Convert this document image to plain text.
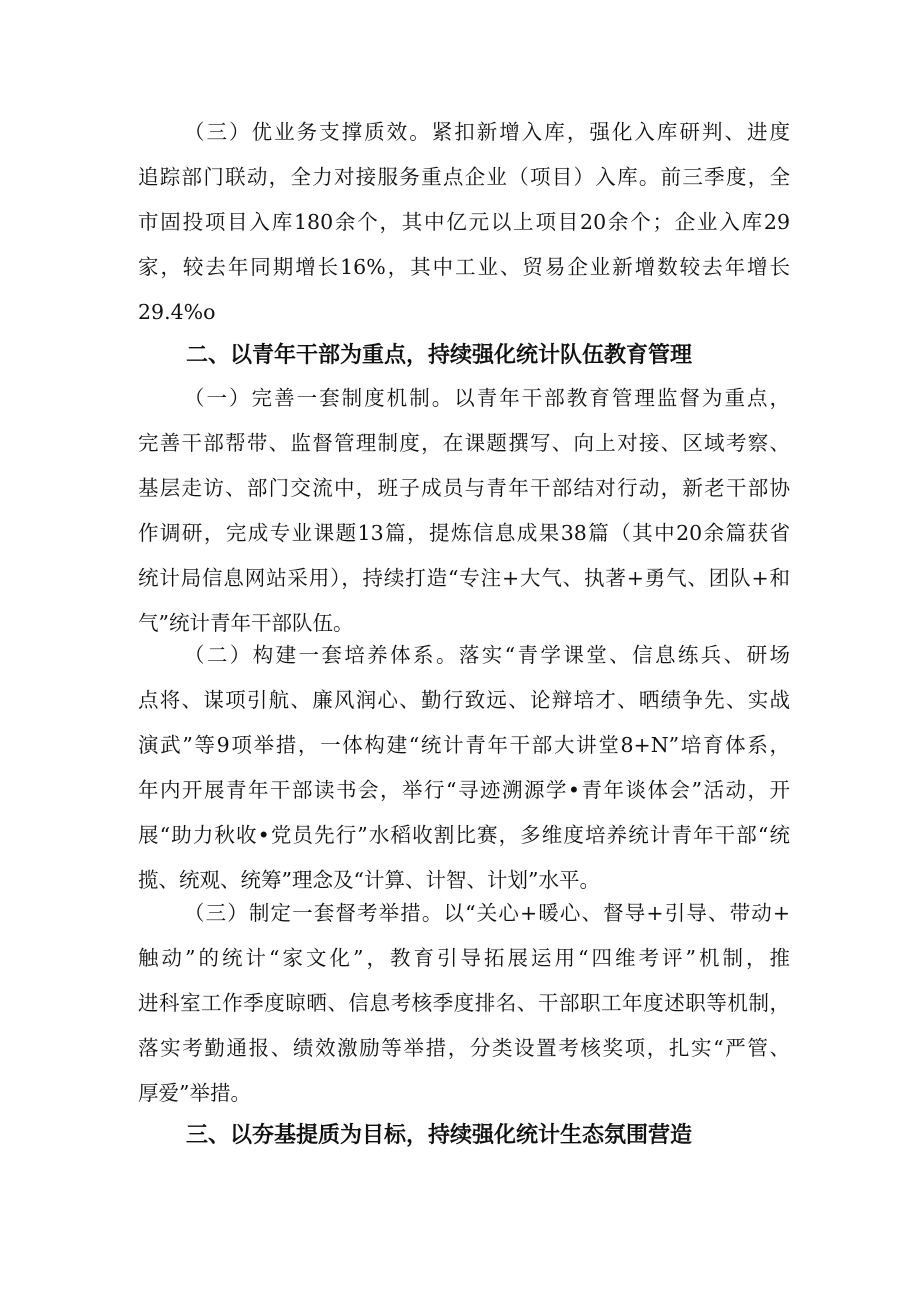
（三）优业务支撑质效。紧扣新增入库，强化入库研判、进度
追踪部门联动，全力对接服务重点企业（项目）入库。前三季度，全
市固投项目入库180余个，其中亿元以上项目20余个；企业入库29
家，较去年同期增长16%，其中工业、贸易企业新增数较去年增长
29.4%o
二、以青年干部为重点，持续强化统计队伍教育管理
（一）完善一套制度机制。以青年干部教育管理监督为重点，
完善干部帮带、监督管理制度，在课题撰写、向上对接、区域考察、
基层走访、部门交流中，班子成员与青年干部结对行动，新老干部协
作调研，完成专业课题13篇，提炼信息成果38篇（其中20余篇获省
统计局信息网站采用），持续打造“专注+大气、执著+勇气、团队+和
气”统计青年干部队伍。
（二）构建一套培养体系。落实“青学课堂、信息练兵、研场
点将、谋项引航、廉风润心、勤行致远、论辩培才、晒绩争先、实战
演武”等9项举措，一体构建“统计青年干部大讲堂8+N”培育体系，
年内开展青年干部读书会，举行“寻迹溯源学•青年谈体会”活动，开
展“助力秋收•党员先行”水稻收割比赛，多维度培养统计青年干部“统
揽、统观、统筹”理念及“计算、计智、计划”水平。
（三）制定一套督考举措。以“关心+暖心、督导+引导、带动+
触动”的统计“家文化”，教育引导拓展运用“四维考评”机制，推
进科室工作季度晾晒、信息考核季度排名、干部职工年度述职等机制，
落实考勤通报、绩效激励等举措，分类设置考核奖项，扎实“严管、
厚爱”举措。
三、以夯基提质为目标，持续强化统计生态氛围营造
